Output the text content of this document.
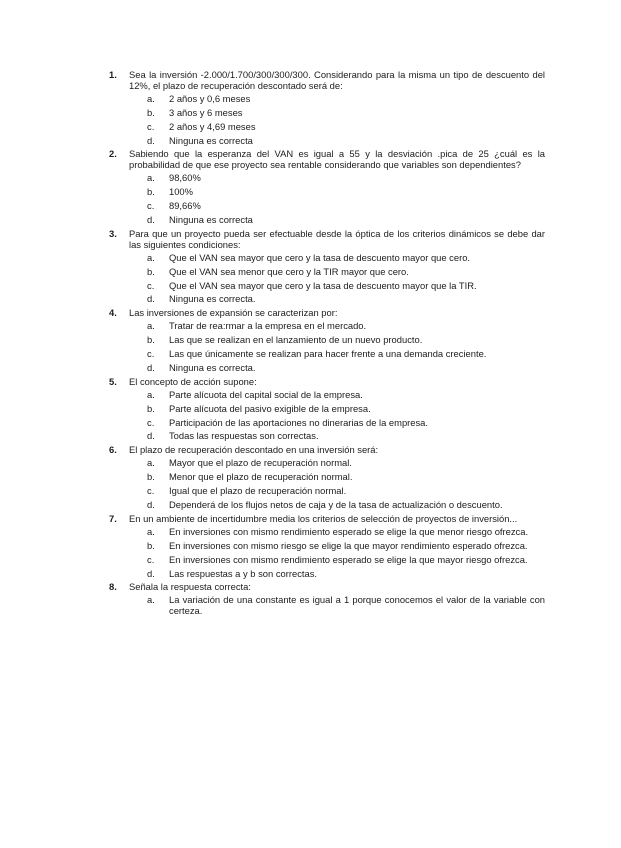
1.	Sea la inversión -2.000/1.700/300/300/300. Considerando para la misma un tipo de descuento del 12%, el plazo de recuperación descontado será de:
a.	2 años y 0,6 meses
b.	3 años y 6 meses
c.	2 años y 4,69 meses
d.	Ninguna es correcta
2.	Sabiendo que la esperanza del VAN es igual a 55 y la desviación .pica de 25 ¿cuál es la probabilidad de que ese proyecto sea rentable considerando que variables son dependientes?
a.	98,60%
b.	100%
c.	89,66%
d.	Ninguna es correcta
3.	Para que un proyecto pueda ser efectuable desde la óptica de los criterios dinámicos se debe dar las siguientes condiciones:
a.	Que el VAN sea mayor que cero y la tasa de descuento mayor que cero.
b.	Que el VAN sea menor que cero y la TIR mayor que cero.
c.	Que el VAN sea mayor que cero y la tasa de descuento mayor que la TIR.
d.	Ninguna es correcta.
4.	Las inversiones de expansión se caracterizan por:
a.	Tratar de rea:rmar a la empresa en el mercado.
b.	Las que se realizan en el lanzamiento de un nuevo producto.
c.	Las que únicamente se realizan para hacer frente a una demanda creciente.
d.	Ninguna es correcta.
5.	El concepto de acción supone:
a.	Parte alícuota del capital social de la empresa.
b.	Parte alícuota del pasivo exigible de la empresa.
c.	Participación de las aportaciones no dinerarias de la empresa.
d.	Todas las respuestas son correctas.
6.	El plazo de recuperación descontado en una inversión será:
a.	Mayor que el plazo de recuperación normal.
b.	Menor que el plazo de recuperación normal.
c.	Igual que el plazo de recuperación normal.
d.	Dependerá de los flujos netos de caja y de la tasa de actualización o descuento.
7.	En un ambiente de incertidumbre media los criterios de selección de proyectos de inversión...
a.	En inversiones con mismo rendimiento esperado se elige la que menor riesgo ofrezca.
b.	En inversiones con mismo riesgo se elige la que mayor rendimiento esperado ofrezca.
c.	En inversiones con mismo rendimiento esperado se elige la que mayor riesgo ofrezca.
d.	Las respuestas a y b son correctas.
8.	Señala la respuesta correcta:
a.	La variación de una constante es igual a 1 porque conocemos el valor de la variable con certeza.
